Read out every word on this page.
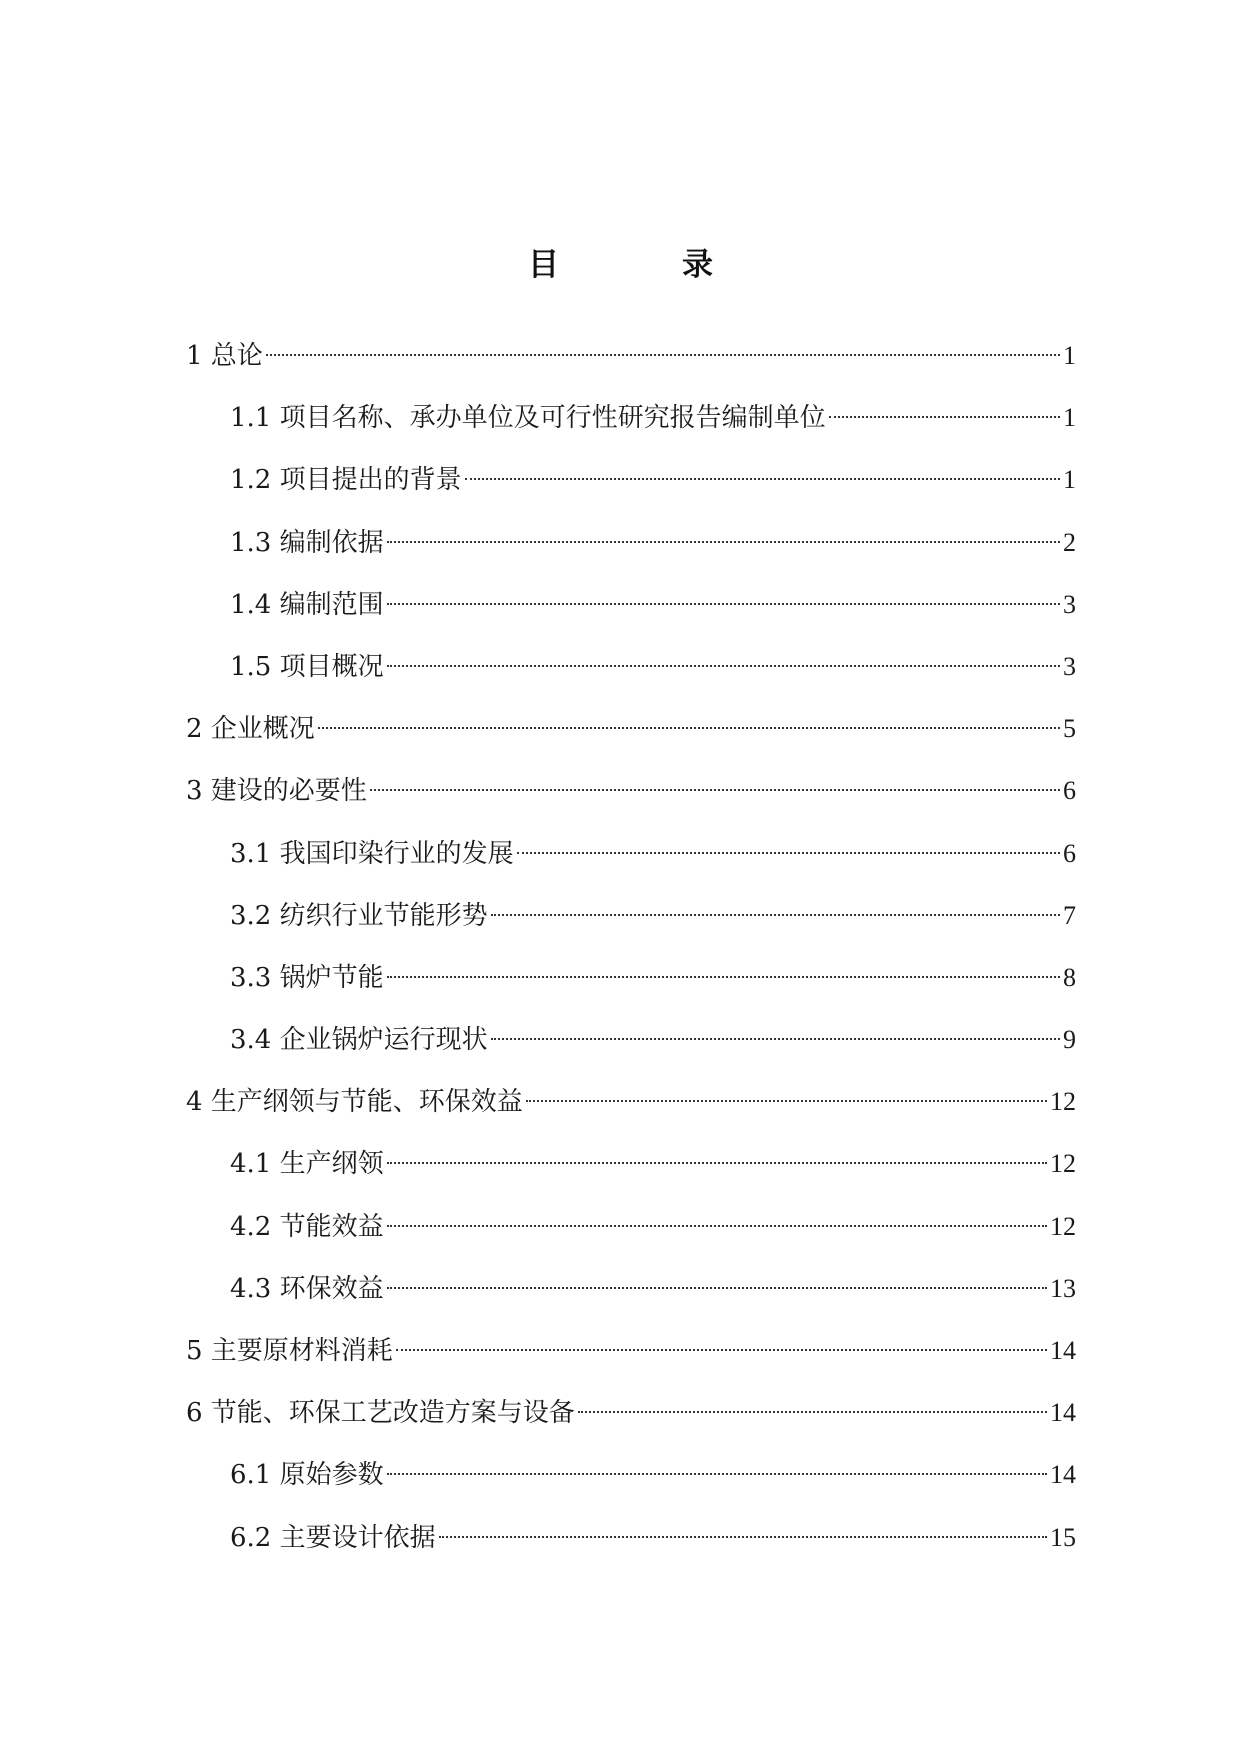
目　录
1 总论	1
1.1 项目名称、承办单位及可行性研究报告编制单位	1
1.2 项目提出的背景	1
1.3 编制依据	2
1.4 编制范围	3
1.5 项目概况	3
2 企业概况	5
3 建设的必要性	6
3.1 我国印染行业的发展	6
3.2 纺织行业节能形势	7
3.3 锅炉节能	8
3.4 企业锅炉运行现状	9
4 生产纲领与节能、环保效益	12
4.1 生产纲领	12
4.2 节能效益	12
4.3 环保效益	13
5 主要原材料消耗	14
6 节能、环保工艺改造方案与设备	14
6.1 原始参数	14
6.2 主要设计依据	15
